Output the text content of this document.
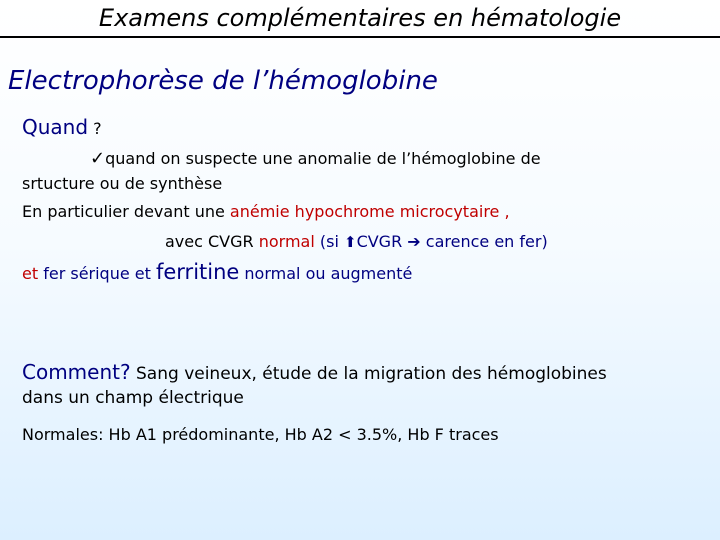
Examens complémentaires en hématologie
Electrophorèse de l’hémoglobine
Quand ?
✓quand on suspecte une anomalie de l’hémoglobine de
srtucture ou de synthèse
En particulier devant une anémie hypochrome microcytaire ,
avec CVGR normal (si ⬆CVGR ➔ carence en fer)
et fer sérique et ferritine normal ou augmenté
Comment? Sang veineux, étude de la migration des hémoglobines
dans un champ électrique
Normales: Hb A1 prédominante, Hb A2 < 3.5%, Hb F traces
